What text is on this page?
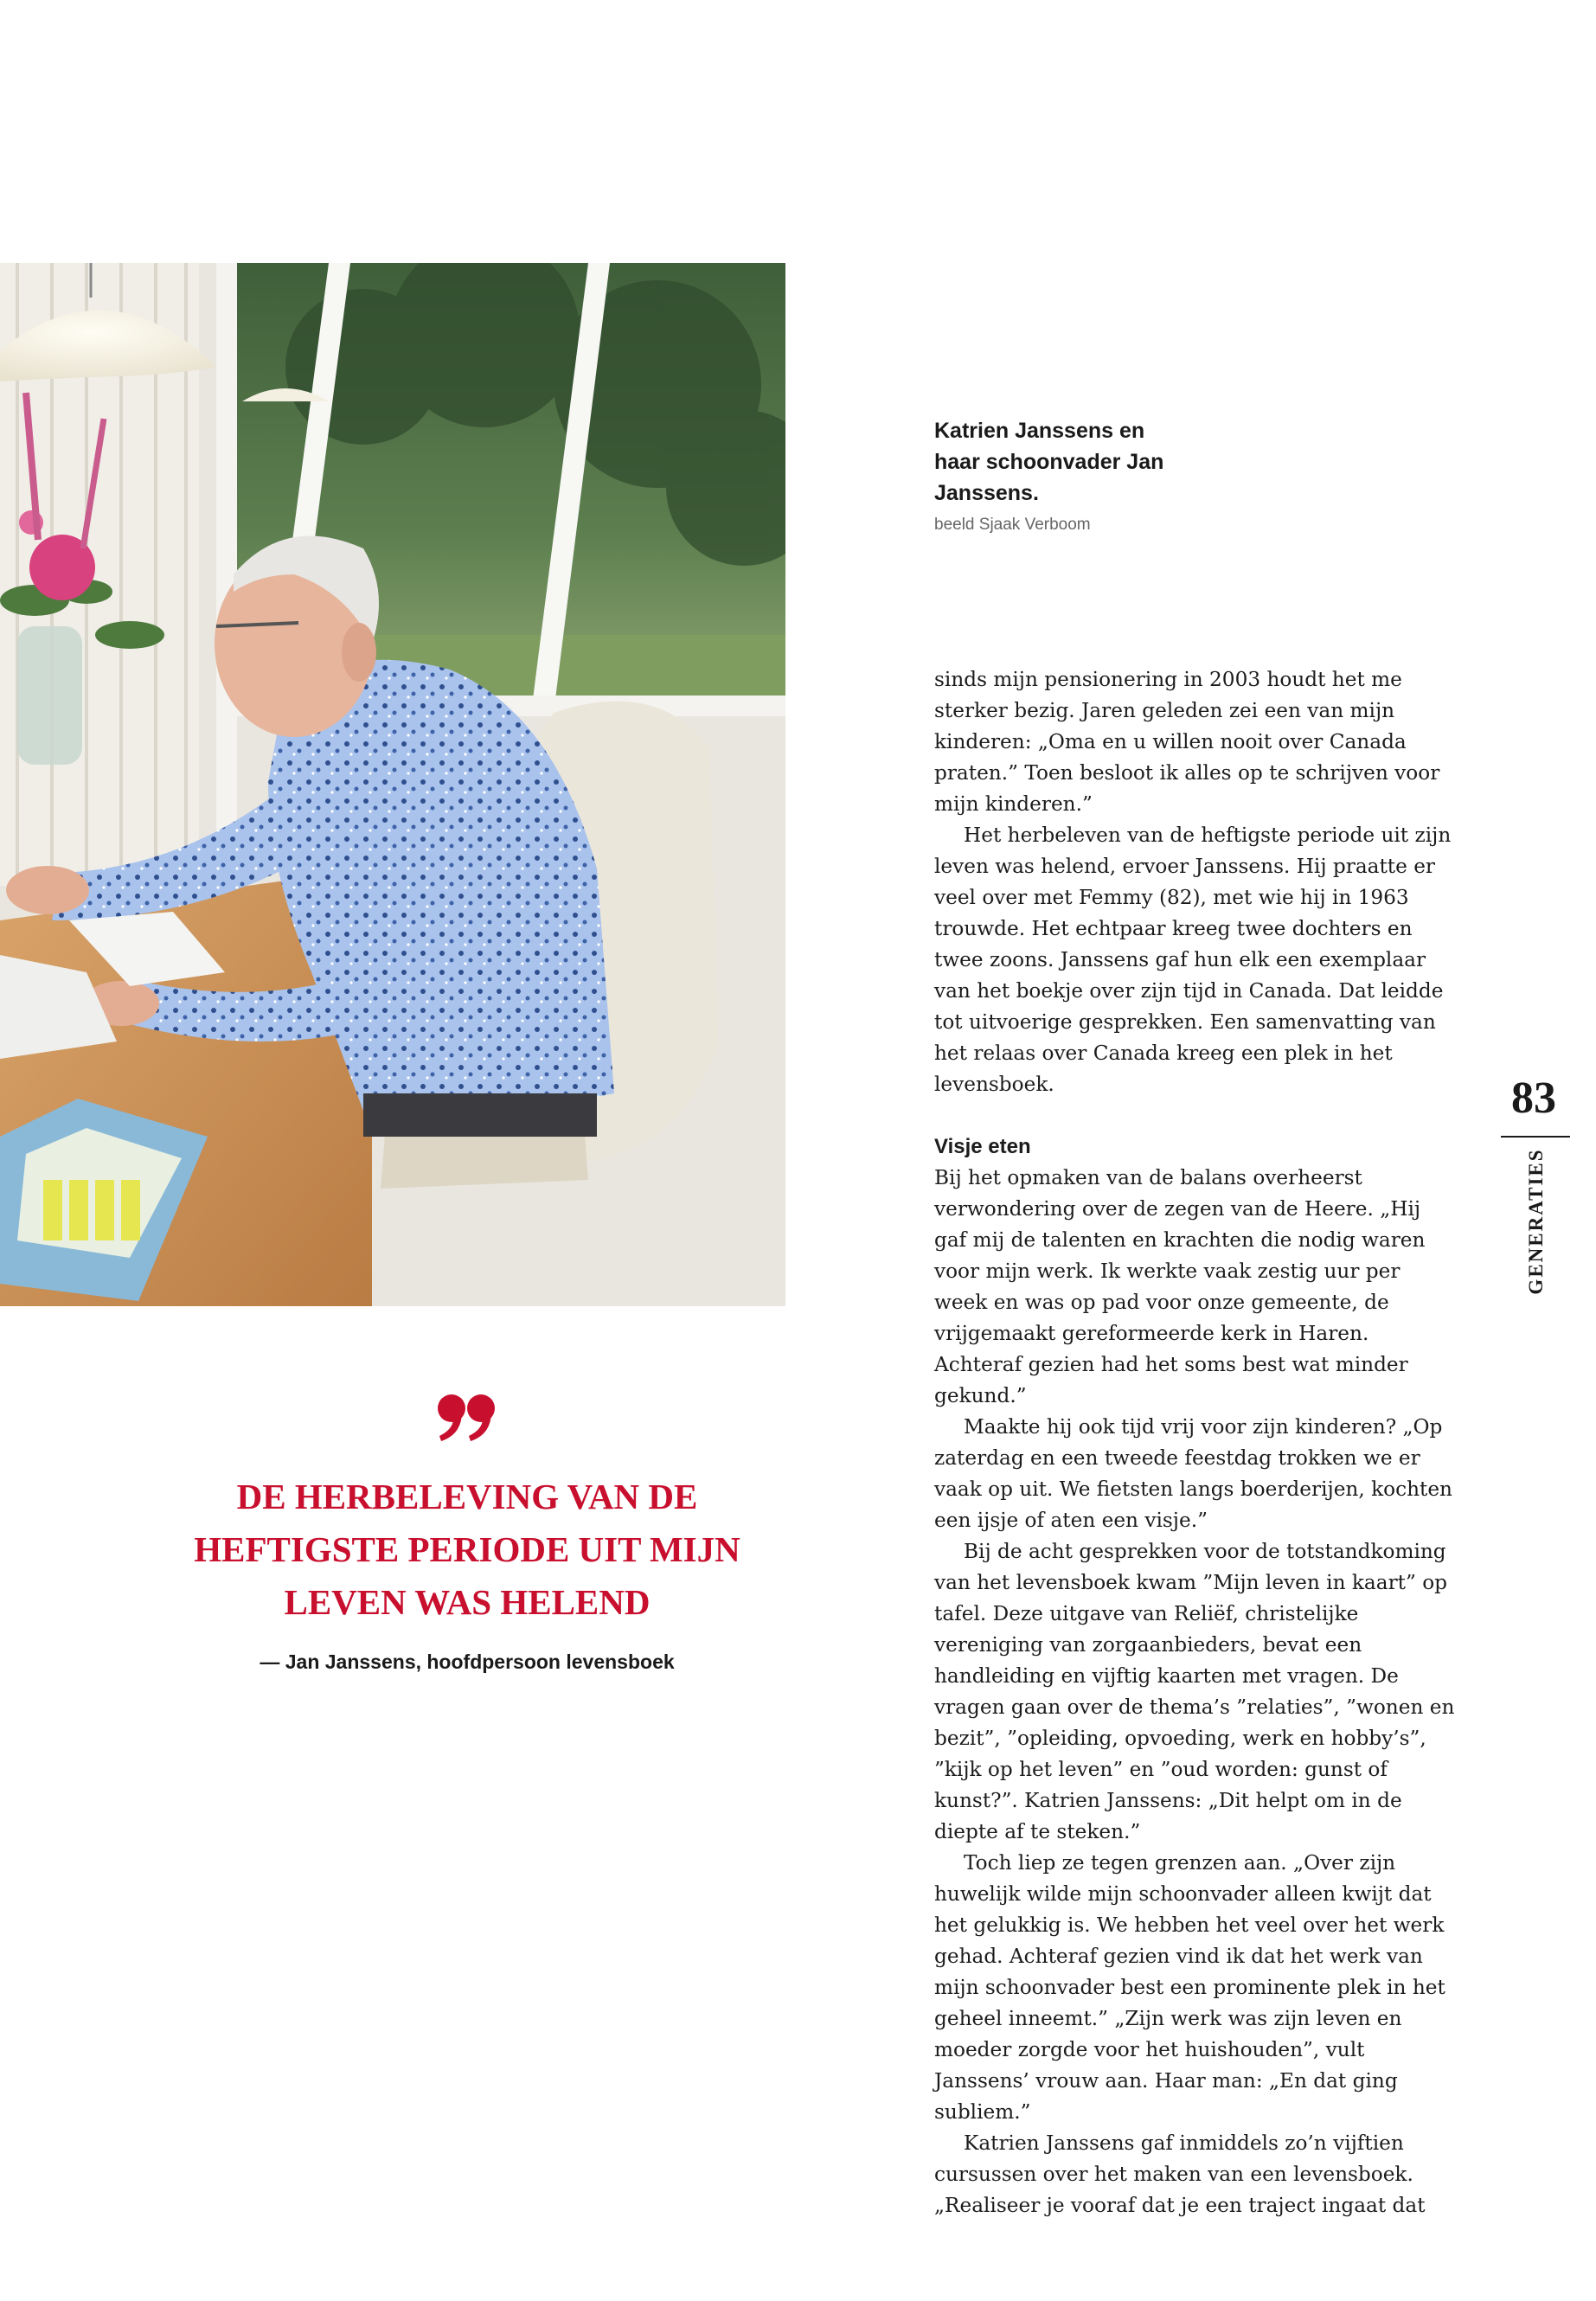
Katrien Janssens en haar schoonvader Jan Janssens.
beeld Sjaak Verboom

sinds mijn pensionering in 2003 houdt het me sterker bezig. Jaren geleden zei een van mijn kinderen: „Oma en u willen nooit over Canada praten.” Toen besloot ik alles op te schrijven voor mijn kinderen.”

Het herbeleven van de heftigste periode uit zijn leven was helend, ervoer Janssens. Hij praatte er veel over met Femmy (82), met wie hij in 1963 trouwde. Het echtpaar kreeg twee dochters en twee zoons. Janssens gaf hun elk een exemplaar van het boekje over zijn tijd in Canada. Dat leidde tot uitvoerige gesprekken. Een samenvatting van het relaas over Canada kreeg een plek in het levensboek.

Visje eten

Bij het opmaken van de balans overheerst verwondering over de zegen van de Heere. „Hij gaf mij de talenten en krachten die nodig waren voor mijn werk. Ik werkte vaak zestig uur per week en was op pad voor onze gemeente, de vrijgemaakt gereformeerde kerk in Haren. Achteraf gezien had het soms best wat minder gekund.”

Maakte hij ook tijd vrij voor zijn kinderen? „Op zaterdag en een tweede feestdag trokken we er vaak op uit. We fietsten langs boerderijen, kochten een ijsje of aten een visje.”

Bij de acht gesprekken voor de totstandkoming van het levensboek kwam ”Mijn leven in kaart” op tafel. Deze uitgave van Reliëf, christelijke vereniging van zorgaanbieders, bevat een handleiding en vijftig kaarten met vragen. De vragen gaan over de thema’s ”relaties”, ”wonen en bezit”, ”opleiding, opvoeding, werk en hobby’s”, ”kijk op het leven” en ”oud worden: gunst of kunst?”. Katrien Janssens: „Dit helpt om in de diepte af te steken.”

Toch liep ze tegen grenzen aan. „Over zijn huwelijk wilde mijn schoonvader alleen kwijt dat het gelukkig is. We hebben het veel over het werk gehad. Achteraf gezien vind ik dat het werk van mijn schoonvader best een prominente plek in het geheel inneemt.” „Zijn werk was zijn leven en moeder zorgde voor het huishouden”, vult Janssens’ vrouw aan. Haar man: „En dat ging subliem.”

Katrien Janssens gaf inmiddels zo’n vijftien cursussen over het maken van een levensboek. „Realiseer je vooraf dat je een traject ingaat dat

DE HERBELEVING VAN DE HEFTIGSTE PERIODE UIT MIJN LEVEN WAS HELEND
— Jan Janssens, hoofdpersoon levensboek
83
GENERATIES
